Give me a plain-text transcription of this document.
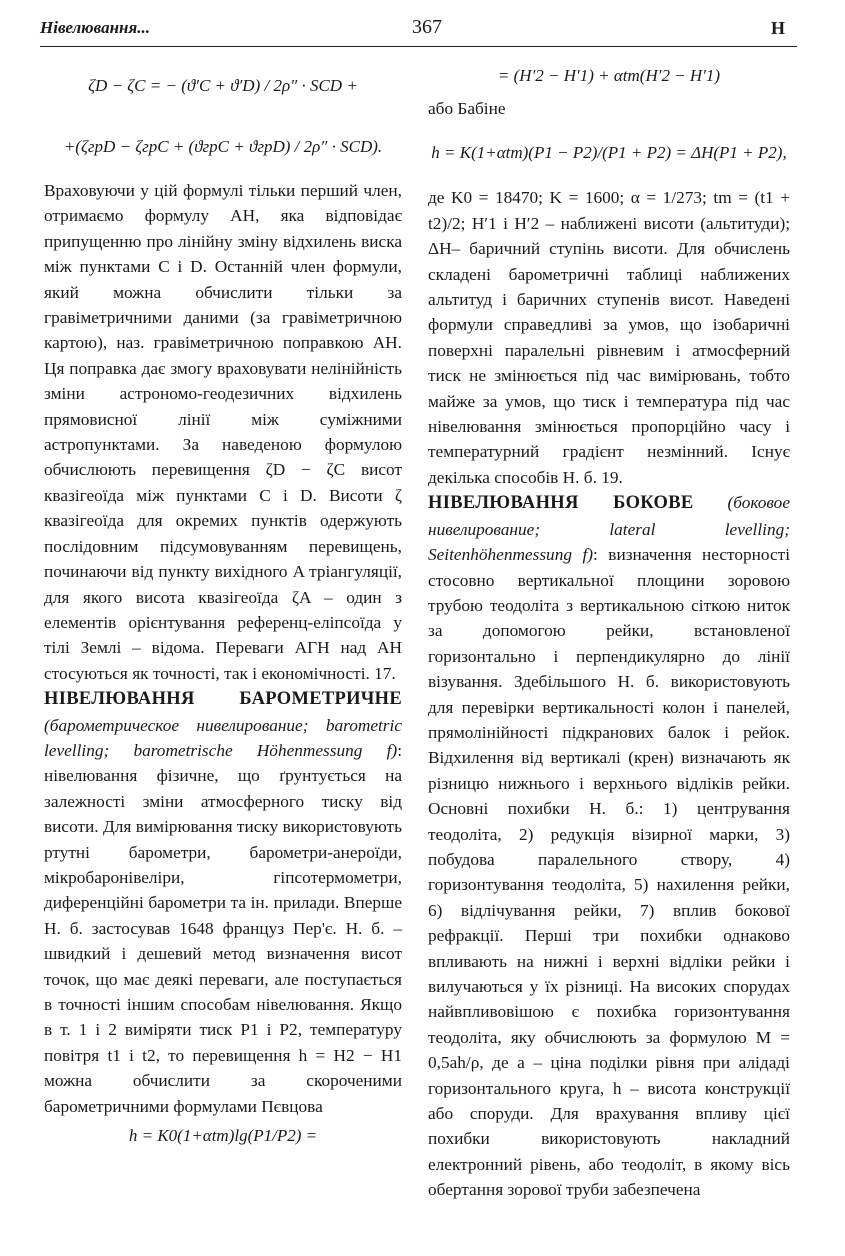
Нівелювання...	367	Н
ζD − ζC = − (ϑ′C + ϑ′D) / 2ρ″ · SCD +
+(ζгрD − ζгрC + (ϑгрC + ϑгрD) / 2ρ″ · SCD).

Враховуючи у цій формулі тільки перший член, отримаємо формулу АН, яка відповідає припущенню про лінійну зміну відхилень виска між пунктами C і D. Останній член формули, який можна обчислити тільки за гравіметричними даними (за гравіметричною картою), наз. гравіметричною поправкою АН. Ця поправка дає змогу враховувати нелінійність зміни астрономо-геодезичних відхилень прямовисної лінії між суміжними астропунктами. За наведеною формулою обчислюють перевищення ζD − ζC висот квазігеоїда між пунктами C і D. Висоти ζ квазігеоїда для окремих пунктів одержують послідовним підсумовуванням перевищень, починаючи від пункту вихідного A тріангуляції, для якого висота квазігеоїда ζA – один з елементів орієнтування референц-еліпсоїда у тілі Землі – відома. Переваги АГН над АН стосуються як точності, так і економічності. 17.

НІВЕЛЮВАННЯ БАРОМЕТРИЧНЕ (барометрическое нивелирование; barometric levelling; barometrische Höhenmessung f): нівелювання фізичне, що ґрунтується на залежності зміни атмосферного тиску від висоти. Для вимірювання тиску використовують ртутні барометри, барометри-анероїди, мікробаронівеліри, гіпсотермометри, диференційні барометри та ін. прилади. Вперше Н. б. застосував 1648 француз Пер'є. Н. б. – швидкий і дешевий метод визначення висот точок, що має деякі переваги, але поступається в точності іншим способам нівелювання. Якщо в т. 1 і 2 виміряти тиск P1 і P2, температуру повітря t1 і t2, то перевищення h = H2 − H1 можна обчислити за скороченими барометричними формулами Пєвцова

h = K0(1+αtm)lg(P1/P2) =
= (H′2 − H′1) + αtm(H′2 − H′1)

або Бабіне

h = K(1+αtm)(P1 − P2)/(P1 + P2) = ΔH(P1 + P2),

де K0 = 18470; K = 1600; α = 1/273; tm = (t1 + t2)/2; H′1 і H′2 – наближені висоти (альтитуди); ΔH– баричний ступінь висоти. Для обчислень складені барометричні таблиці наближених альтитуд і баричних ступенів висот. Наведені формули справедливі за умов, що ізобаричні поверхні паралельні рівневим і атмосферний тиск не змінюється під час вимірювань, тобто майже за умов, що тиск і температура під час нівелювання змінюється пропорційно часу і температурний градієнт незмінний. Існує декілька способів Н. б. 19.

НІВЕЛЮВАННЯ БОКОВЕ (боковое нивелирование; lateral levelling; Seitenhöhenmessung f): визначення несторності стосовно вертикальної площини зоровою трубою теодоліта з вертикальною сіткою ниток за допомогою рейки, встановленої горизонтально і перпендикулярно до лінії візування. Здебільшого Н. б. використовують для перевірки вертикальності колон і панелей, прямолінійності підкранових балок і рейок. Відхилення від вертикалі (крен) визначають як різницю нижнього і верхнього відліків рейки. Основні похибки Н. б.: 1) центрування теодоліта, 2) редукція візирної марки, 3) побудова паралельного створу, 4) горизонтування теодоліта, 5) нахилення рейки, 6) відлічування рейки, 7) вплив бокової рефракції. Перші три похибки однаково впливають на нижні і верхні відліки рейки і вилучаються у їх різниці. На високих спорудах найвпливовішою є похибка горизонтування теодоліта, яку обчислюють за формулою M = 0,5ah/ρ, де a – ціна поділки рівня при алідаді горизонтального круга, h – висота конструкції або споруди. Для врахування впливу цієї похибки використовують накладний електронний рівень, або теодоліт, в якому вісь обертання зорової труби забезпечена
